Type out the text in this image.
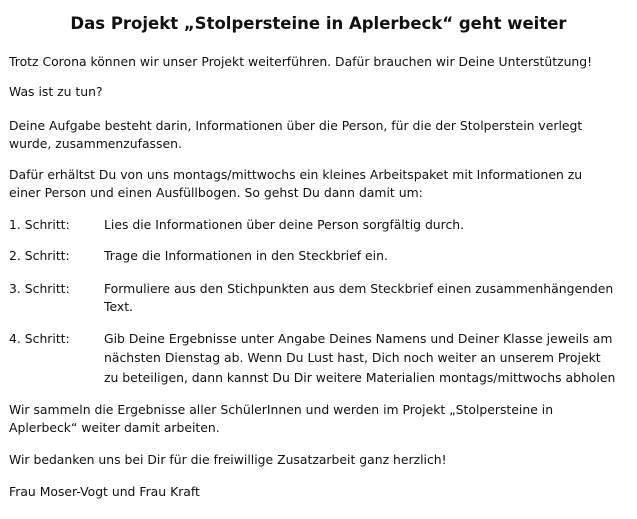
Das Projekt „Stolpersteine in Aplerbeck“ geht weiter
Trotz Corona können wir unser Projekt weiterführen. Dafür brauchen wir Deine Unterstützung!
Was ist zu tun?
Deine Aufgabe besteht darin, Informationen über die Person, für die der Stolperstein verlegt
wurde, zusammenzufassen.
Dafür erhältst Du von uns montags/mittwochs ein kleines Arbeitspaket mit Informationen zu
einer Person und einen Ausfüllbogen. So gehst Du dann damit um:
1. Schritt:	Lies die Informationen über deine Person sorgfältig durch.
2. Schritt:	Trage die Informationen in den Steckbrief ein.
3. Schritt:	Formuliere aus den Stichpunkten aus dem Steckbrief einen zusammenhängenden
Text.
4. Schritt:	Gib Deine Ergebnisse unter Angabe Deines Namens und Deiner Klasse jeweils am
nächsten Dienstag ab. Wenn Du Lust hast, Dich noch weiter an unserem Projekt
zu beteiligen, dann kannst Du Dir weitere Materialien montags/mittwochs abholen
Wir sammeln die Ergebnisse aller SchülerInnen und werden im Projekt „Stolpersteine in
Aplerbeck“ weiter damit arbeiten.
Wir bedanken uns bei Dir für die freiwillige Zusatzarbeit ganz herzlich!
Frau Moser-Vogt und Frau Kraft
